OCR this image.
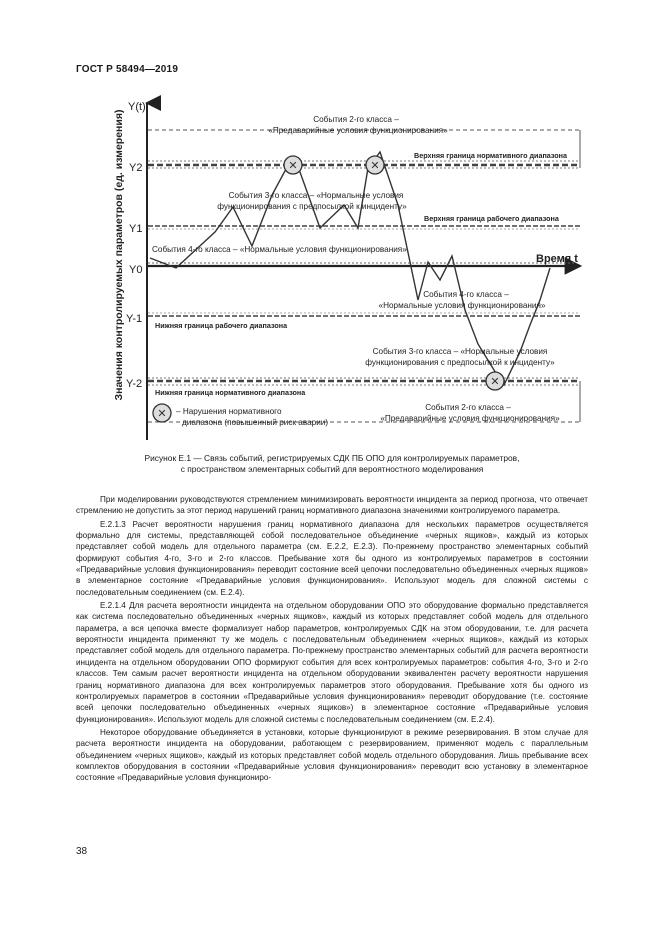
ГОСТ Р 58494—2019
Значения контролируемых параметров (ед. измерения)
Y(t)
Y2
Y1
Y0
Y-1
Y-2
Верхняя граница нормативного диапазона
Верхняя граница рабочего диапазона
Нижняя граница рабочего диапазона
Нижняя граница нормативного диапазона
Время t
✕	✕
✕
События 2-го класса –
«Предаварийные условия функционирования»
События 3-го класса – «Нормальные условия
функционирования с предпосылкой к инциденту»
События 4-го класса – «Нормальные условия функционирования»
События 4-го класса –
«Нормальные условия функционирования»
События 3-го класса – «Нормальные условия
функционирования с предпосылкой к инциденту»
События 2-го класса –
«Предаварийные условия функционирования»
✕ – Нарушения нормативного
диапазона (повышенный риск аварии)
Рисунок Е.1 — Связь событий, регистрируемых СДК ПБ ОПО для контролируемых параметров,
с пространством элементарных событий для вероятностного моделирования

При моделировании руководствуются стремлением минимизировать вероятности инцидента за период прогноза, что отвечает стремлению не допустить за этот период нарушений границ нормативного диапазона значениями контролируемого параметра.

Е.2.1.3 Расчет вероятности нарушения границ нормативного диапазона для нескольких параметров осуществляется формально для системы, представляющей собой последовательное объединение «черных ящиков», каждый из которых представляет собой модель для отдельного параметра (см. Е.2.2, Е.2.3). По-прежнему пространство элементарных событий формируют события 4-го, 3-го и 2-го классов. Пребывание хотя бы одного из контролируемых параметров в состоянии «Предаварийные условия функционирования» переводит состояние всей цепочки последовательно объединенных «черных ящиков» в элементарное состояние «Предаварийные условия функционирования». Используют модель для сложной системы с последовательным соединением (см. Е.2.4).

Е.2.1.4 Для расчета вероятности инцидента на отдельном оборудовании ОПО это оборудование формально представляется как система последовательно объединенных «черных ящиков», каждый из которых представляет собой модель для отдельного параметра, а вся цепочка вместе формализует набор параметров, контролируемых СДК на этом оборудовании, т.е. для расчета вероятности инцидента применяют ту же модель с последовательным объединением «черных ящиков», каждый из которых представляет собой модель для отдельного параметра. По-прежнему пространство элементарных событий для расчета вероятности инцидента на отдельном оборудовании ОПО формируют события для всех контролируемых параметров: события 4-го, 3-го и 2-го классов. Тем самым расчет вероятности инцидента на отдельном оборудовании эквивалентен расчету вероятности нарушения границ нормативного диапазона для всех контролируемых параметров этого оборудования. Пребывание хотя бы одного из контролируемых параметров в состоянии «Предаварийные условия функционирования» переводит оборудование (т.е. состояние всей цепочки последовательно объединенных «черных ящиков») в элементарное состояние «Предаварийные условия функционирования». Используют модель для сложной системы с последовательным соединением (см. Е.2.4).

Некоторое оборудование объединяется в установки, которые функционируют в режиме резервирования. В этом случае для расчета вероятности инцидента на оборудовании, работающем с резервированием, применяют модель с параллельным объединением «черных ящиков», каждый из которых представляет собой модель отдельного оборудования. Лишь пребывание всех комплектов оборудования в состоянии «Предаварийные условия функционирования» переводит всю установку в элементарное состояние «Предаварийные условия функциониро-

38
